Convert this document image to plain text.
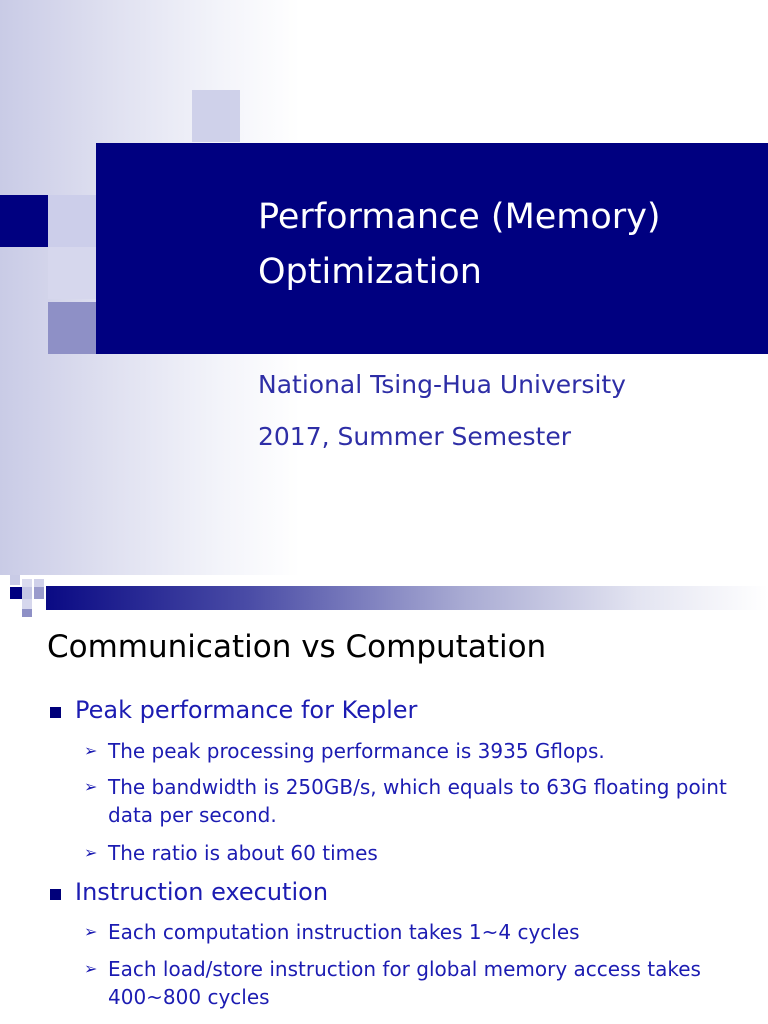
Performance (Memory)
Optimization

National Tsing-Hua University

2017, Summer Semester

Communication vs Computation
Peak performance for Kepler
➢ The peak processing performance is 3935 Gflops.
➢ The bandwidth is 250GB/s, which equals to 63G floating point data per second.
➢ The ratio is about 60 times
Instruction execution
➢ Each computation instruction takes 1~4 cycles
➢ Each load/store instruction for global memory access takes 400~800 cycles
